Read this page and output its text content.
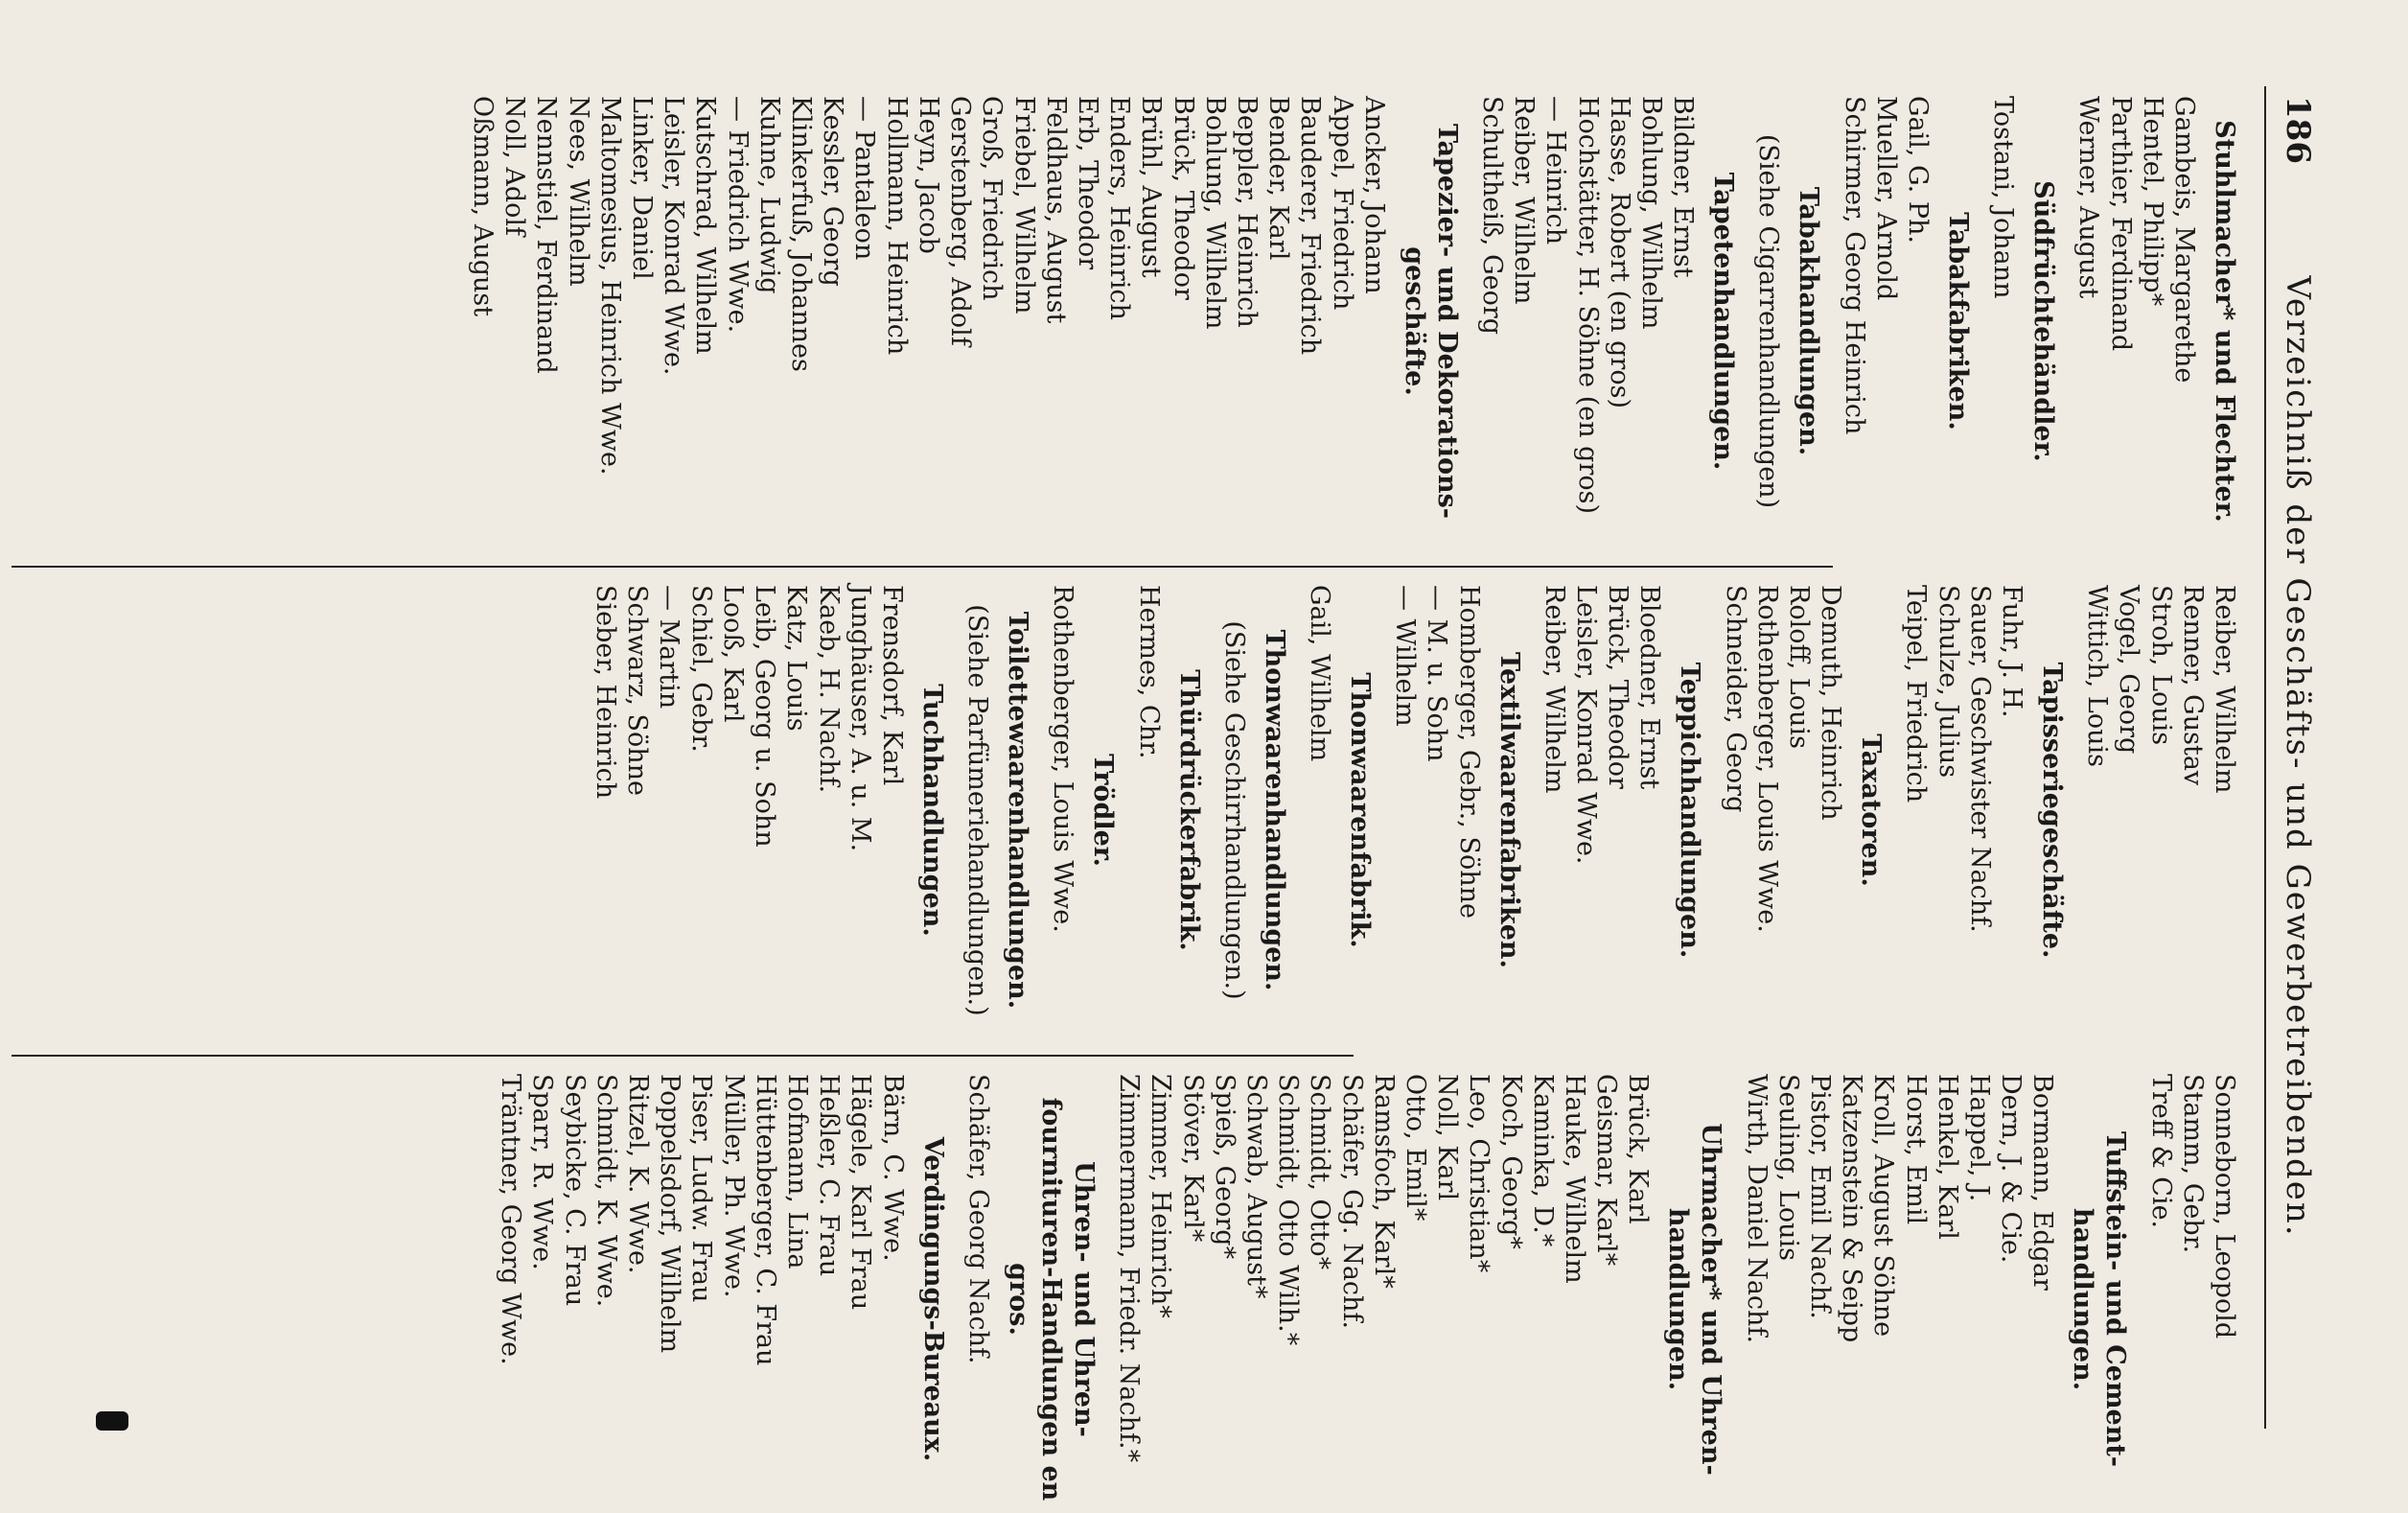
186
Verzeichniß der Geschäfts- und Gewerbetreibenden.
Stuhlmacher* und Flechter.
Gambeis, Margarethe
Hentel, Philipp*
Parthier, Ferdinand
Werner, August
Südfrüchtehändler.
Tostani, Johann
Tabakfabriken.
Gail, G. Ph.
Mueller, Arnold
Schirmer, Georg Heinrich
Tabakhandlungen.
(Siehe Cigarrenhandlungen)
Tapetenhandlungen.
Bildner, Ernst
Bohlung, Wilhelm
Hasse, Robert (en gros)
Hochstätter, H. Söhne (en gros)
— Heinrich
Reiber, Wilhelm
Schultheiß, Georg
Tapezier- und Dekorations-geschäfte.
Ancker, Johann
Appel, Friedrich
Bauderer, Friedrich
Bender, Karl
Beppler, Heinrich
Bohlung, Wilhelm
Brück, Theodor
Brühl, August
Enders, Heinrich
Erb, Theodor
Feldhaus, August
Friebel, Wilhelm
Groß, Friedrich
Gerstenberg, Adolf
Heyn, Jacob
Hollmann, Heinrich
— Pantaleon
Kessler, Georg
Klinkerfuß, Johannes
Kuhne, Ludwig
— Friedrich Wwe.
Kutschrad, Wilhelm
Leisler, Konrad Wwe.
Linker, Daniel
Maltomesius, Heinrich Wwe.
Nees, Wilhelm
Nennstiel, Ferdinand
Noll, Adolf
Oßmann, August
Reiber, Wilhelm
Renner, Gustav
Stroh, Louis
Vogel, Georg
Wittich, Louis
Tapisseriegeschäfte.
Fuhr, J. H.
Sauer, Geschwister Nachf.
Schulze, Julius
Teipel, Friedrich
Taxatoren.
Demuth, Heinrich
Roloff, Louis
Rothenberger, Louis Wwe.
Schneider, Georg
Teppichhandlungen.
Bloedner, Ernst
Brück, Theodor
Leisler, Konrad Wwe.
Reiber, Wilhelm
Textilwaarenfabriken.
Homberger, Gebr., Söhne
— M. u. Sohn
— Wilhelm
Thonwaarenfabrik.
Gail, Wilhelm
Thonwaarenhandlungen.
(Siehe Geschirrhandlungen.)
Thürdrückerfabrik.
Hermes, Chr.
Trödler.
Rothenberger, Louis Wwe.
Toilettewaarenhandlungen.
(Siehe Parfümeriehandlungen.)
Tuchhandlungen.
Frensdorf, Karl
Junghäuser, A. u. M.
Kaeb, H. Nachf.
Katz, Louis
Leib, Georg u. Sohn
Looß, Karl
Schiel, Gebr.
— Martin
Schwarz, Söhne
Sieber, Heinrich
Sonneborn, Leopold
Stamm, Gebr.
Treff & Cie.
Tuffstein- und Cement-handlungen.
Bormann, Edgar
Dern, J. & Cie.
Happel, J.
Henkel, Karl
Horst, Emil
Kroll, August Söhne
Katzenstein & Seipp
Pistor, Emil Nachf.
Seuling, Louis
Wirth, Daniel Nachf.
Uhrmacher* und Uhren-handlungen.
Brück, Karl
Geismar, Karl*
Hauke, Wilhelm
Kaminka, D.*
Koch, Georg*
Leo, Christian*
Noll, Karl
Otto, Emil*
Ramsfoch, Karl*
Schäfer, Gg. Nachf.
Schmidt, Otto*
Schmidt, Otto Wilh.*
Schwab, August*
Spieß, Georg*
Stöver, Karl*
Zimmer, Heinrich*
Zimmermann, Friedr. Nachf.*
Uhren- und Uhren-fournituren-Handlungen en gros.
Schäfer, Georg Nachf.
Verdingungs-Bureaux.
Bärn, C. Wwe.
Hägele, Karl Frau
Heßler, C. Frau
Hofmann, Lina
Hüttenberger, C. Frau
Müller, Ph. Wwe.
Piser, Ludw. Frau
Poppelsdorf, Wilhelm
Ritzel, K. Wwe.
Schmidt, K. Wwe.
Seybicke, C. Frau
Sparr, R. Wwe.
Träntner, Georg Wwe.
